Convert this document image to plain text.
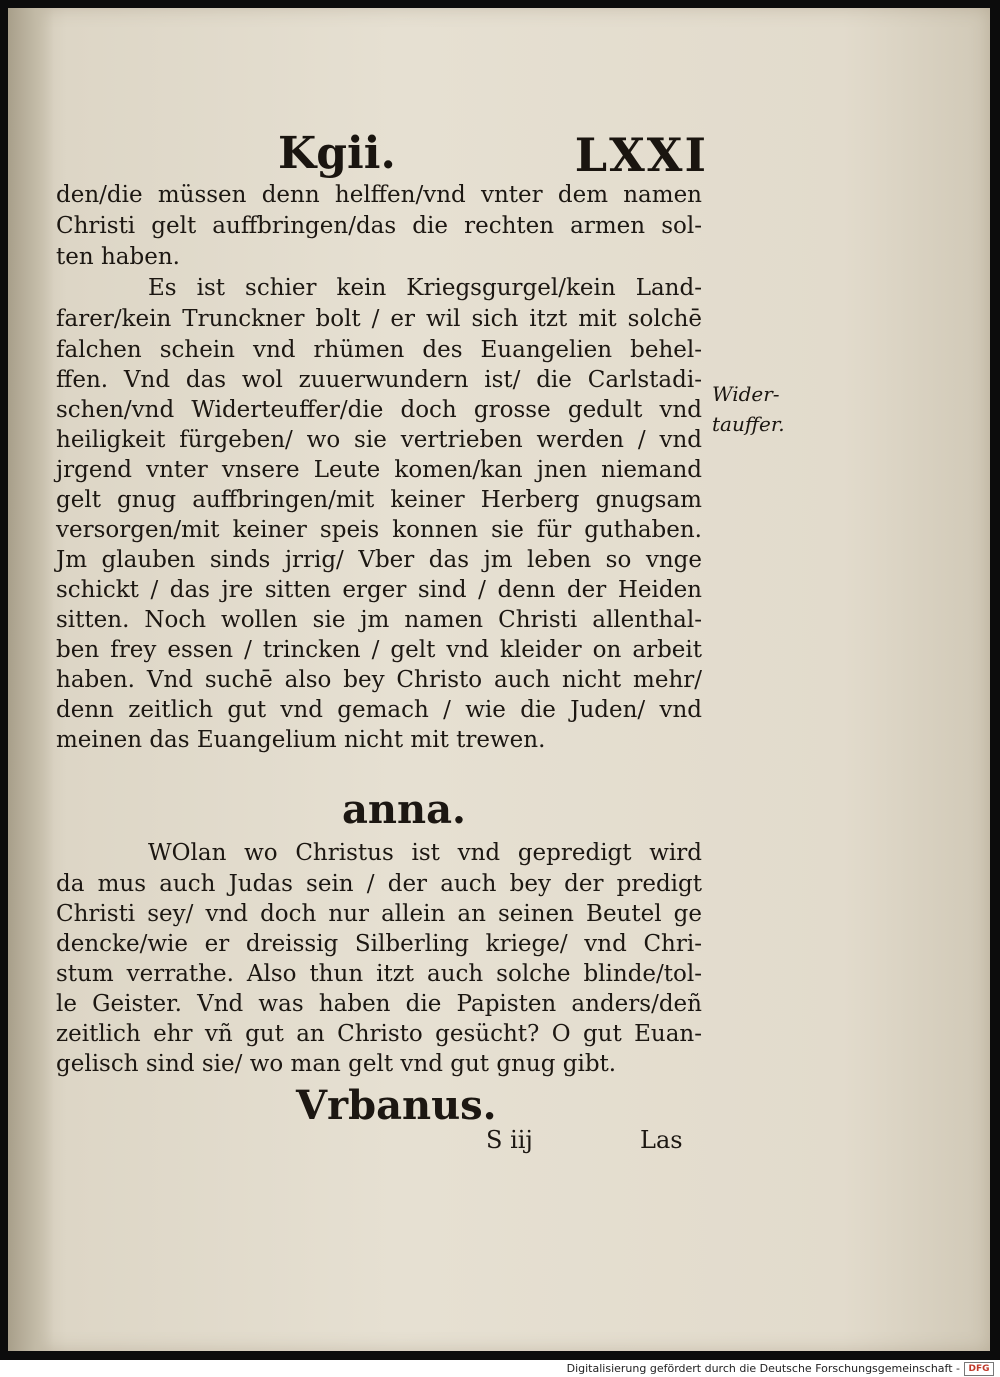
Kgii.	LXXI
den/die müssen denn helffen/vnd vnter dem namen
Christi gelt auffbringen/das die rechten armen sol-
ten haben.
Es ist schier kein Kriegsgurgel/kein Land-
farer/kein Trunckner bolt / er wil sich itzt mit solchē
falchen schein vnd rhümen des Euangelien behel-
ffen. Vnd das wol zuuerwundern ist/ die Carlstadi-
schen/vnd Widerteuffer/die doch grosse gedult vnd
heiligkeit fürgeben/ wo sie vertrieben werden / vnd
jrgend vnter vnsere Leute komen/kan jnen niemand
gelt gnug auffbringen/mit keiner Herberg gnugsam
versorgen/mit keiner speis konnen sie für guthaben.
Jm glauben sinds jrrig/ Vber das jm leben so vnge
schickt / das jre sitten erger sind / denn der Heiden
sitten. Noch wollen sie jm namen Christi allenthal-
ben frey essen / trincken / gelt vnd kleider on arbeit
haben. Vnd suchē also bey Christo auch nicht mehr/
denn zeitlich gut vnd gemach / wie die Juden/ vnd
meinen das Euangelium nicht mit trewen.
Wider-
tauffer.
anna.
WOlan wo Christus ist vnd gepredigt wird
da mus auch Judas sein / der auch bey der predigt
Christi sey/ vnd doch nur allein an seinen Beutel ge
dencke/wie er dreissig Silberling kriege/ vnd Chri-
stum verrathe. Also thun itzt auch solche blinde/tol-
le Geister. Vnd was haben die Papisten anders/deñ
zeitlich ehr vñ gut an Christo gesücht? O gut Euan-
gelisch sind sie/ wo man gelt vnd gut gnug gibt.
Vrbanus.
S iij	Las
Digitalisierung gefördert durch die Deutsche Forschungsgemeinschaft - DFG
